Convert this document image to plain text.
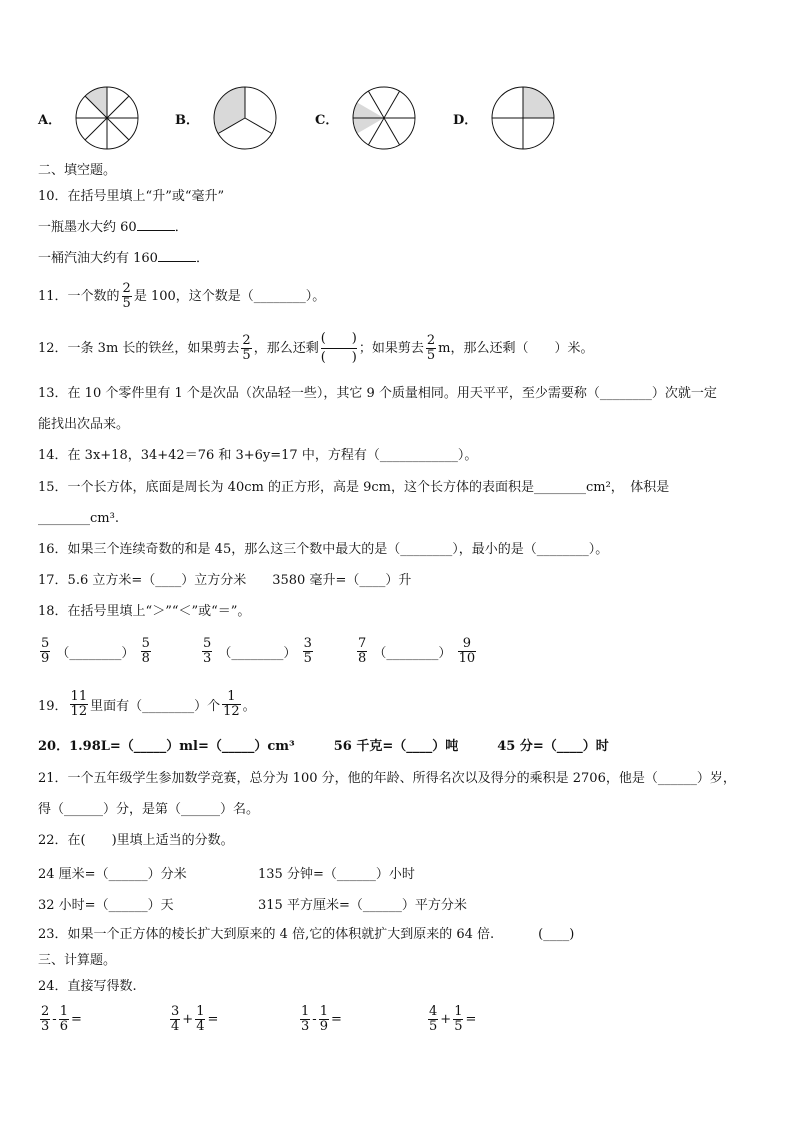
A．	B．	C．	D．
二、填空题。
10．在括号里填上“升”或“毫升”
一瓶墨水大约 60	．
一桶汽油大约有 160	．
11．一个数的 $\frac{2}{5}$ 是 100，这个数是（________）。
12．一条 3m 长的铁丝，如果剪去 $\frac{2}{5}$ ，那么还剩 $\frac{( )}{( )}$ ；如果剪去 $\frac{2}{5}$ m，那么还剩（　　）米。
13．在 10 个零件里有 1 个是次品（次品轻一些），其它 9 个质量相同。用天平平，至少需要称（________）次就一定
能找出次品来。
14．在 3x+18，34+42＝76 和 3+6y=17 中，方程有（____________）。
15．一个长方体，底面是周长为 40cm 的正方形，高是 9cm，这个长方体的表面积是________cm²，　体积是
________cm³.
16．如果三个连续奇数的和是 45，那么这三个数中最大的是（________），最小的是（________）。
17．5.6 立方米=（____）立方分米　　3580 毫升=（____）升
18．在括号里填上“＞”“＜”或“＝”。
$\frac{5}{9}$ （________） $\frac{5}{8}$	$\frac{5}{3}$ （________） $\frac{3}{5}$	$\frac{7}{8}$ （________） $\frac{9}{10}$
19． $\frac{11}{12}$ 里面有（________）个 $\frac{1}{12}$ 。
20．1.98L=（_____）ml=（_____）cm³　　　56 千克=（____）吨　　　45 分=（____）时
21．一个五年级学生参加数学竞赛，总分为 100 分，他的年龄、所得名次以及得分的乘积是 2706，他是（______）岁，
得（______）分，是第（______）名。
22．在(　　)里填上适当的分数。
24 厘米=（______）分米	135 分钟=（______）小时
32 小时=（______）天	315 平方厘米=（______）平方分米
23．如果一个正方体的棱长扩大到原来的 4 倍,它的体积就扩大到原来的 64 倍.	(____)
三、计算题。
24．直接写得数.
$\frac{2}{3} - \frac{1}{6}$ =	$\frac{3}{4} + \frac{1}{4}$ =	$\frac{1}{3} - \frac{1}{9}$ =	$\frac{4}{5} + \frac{1}{5}$ =
